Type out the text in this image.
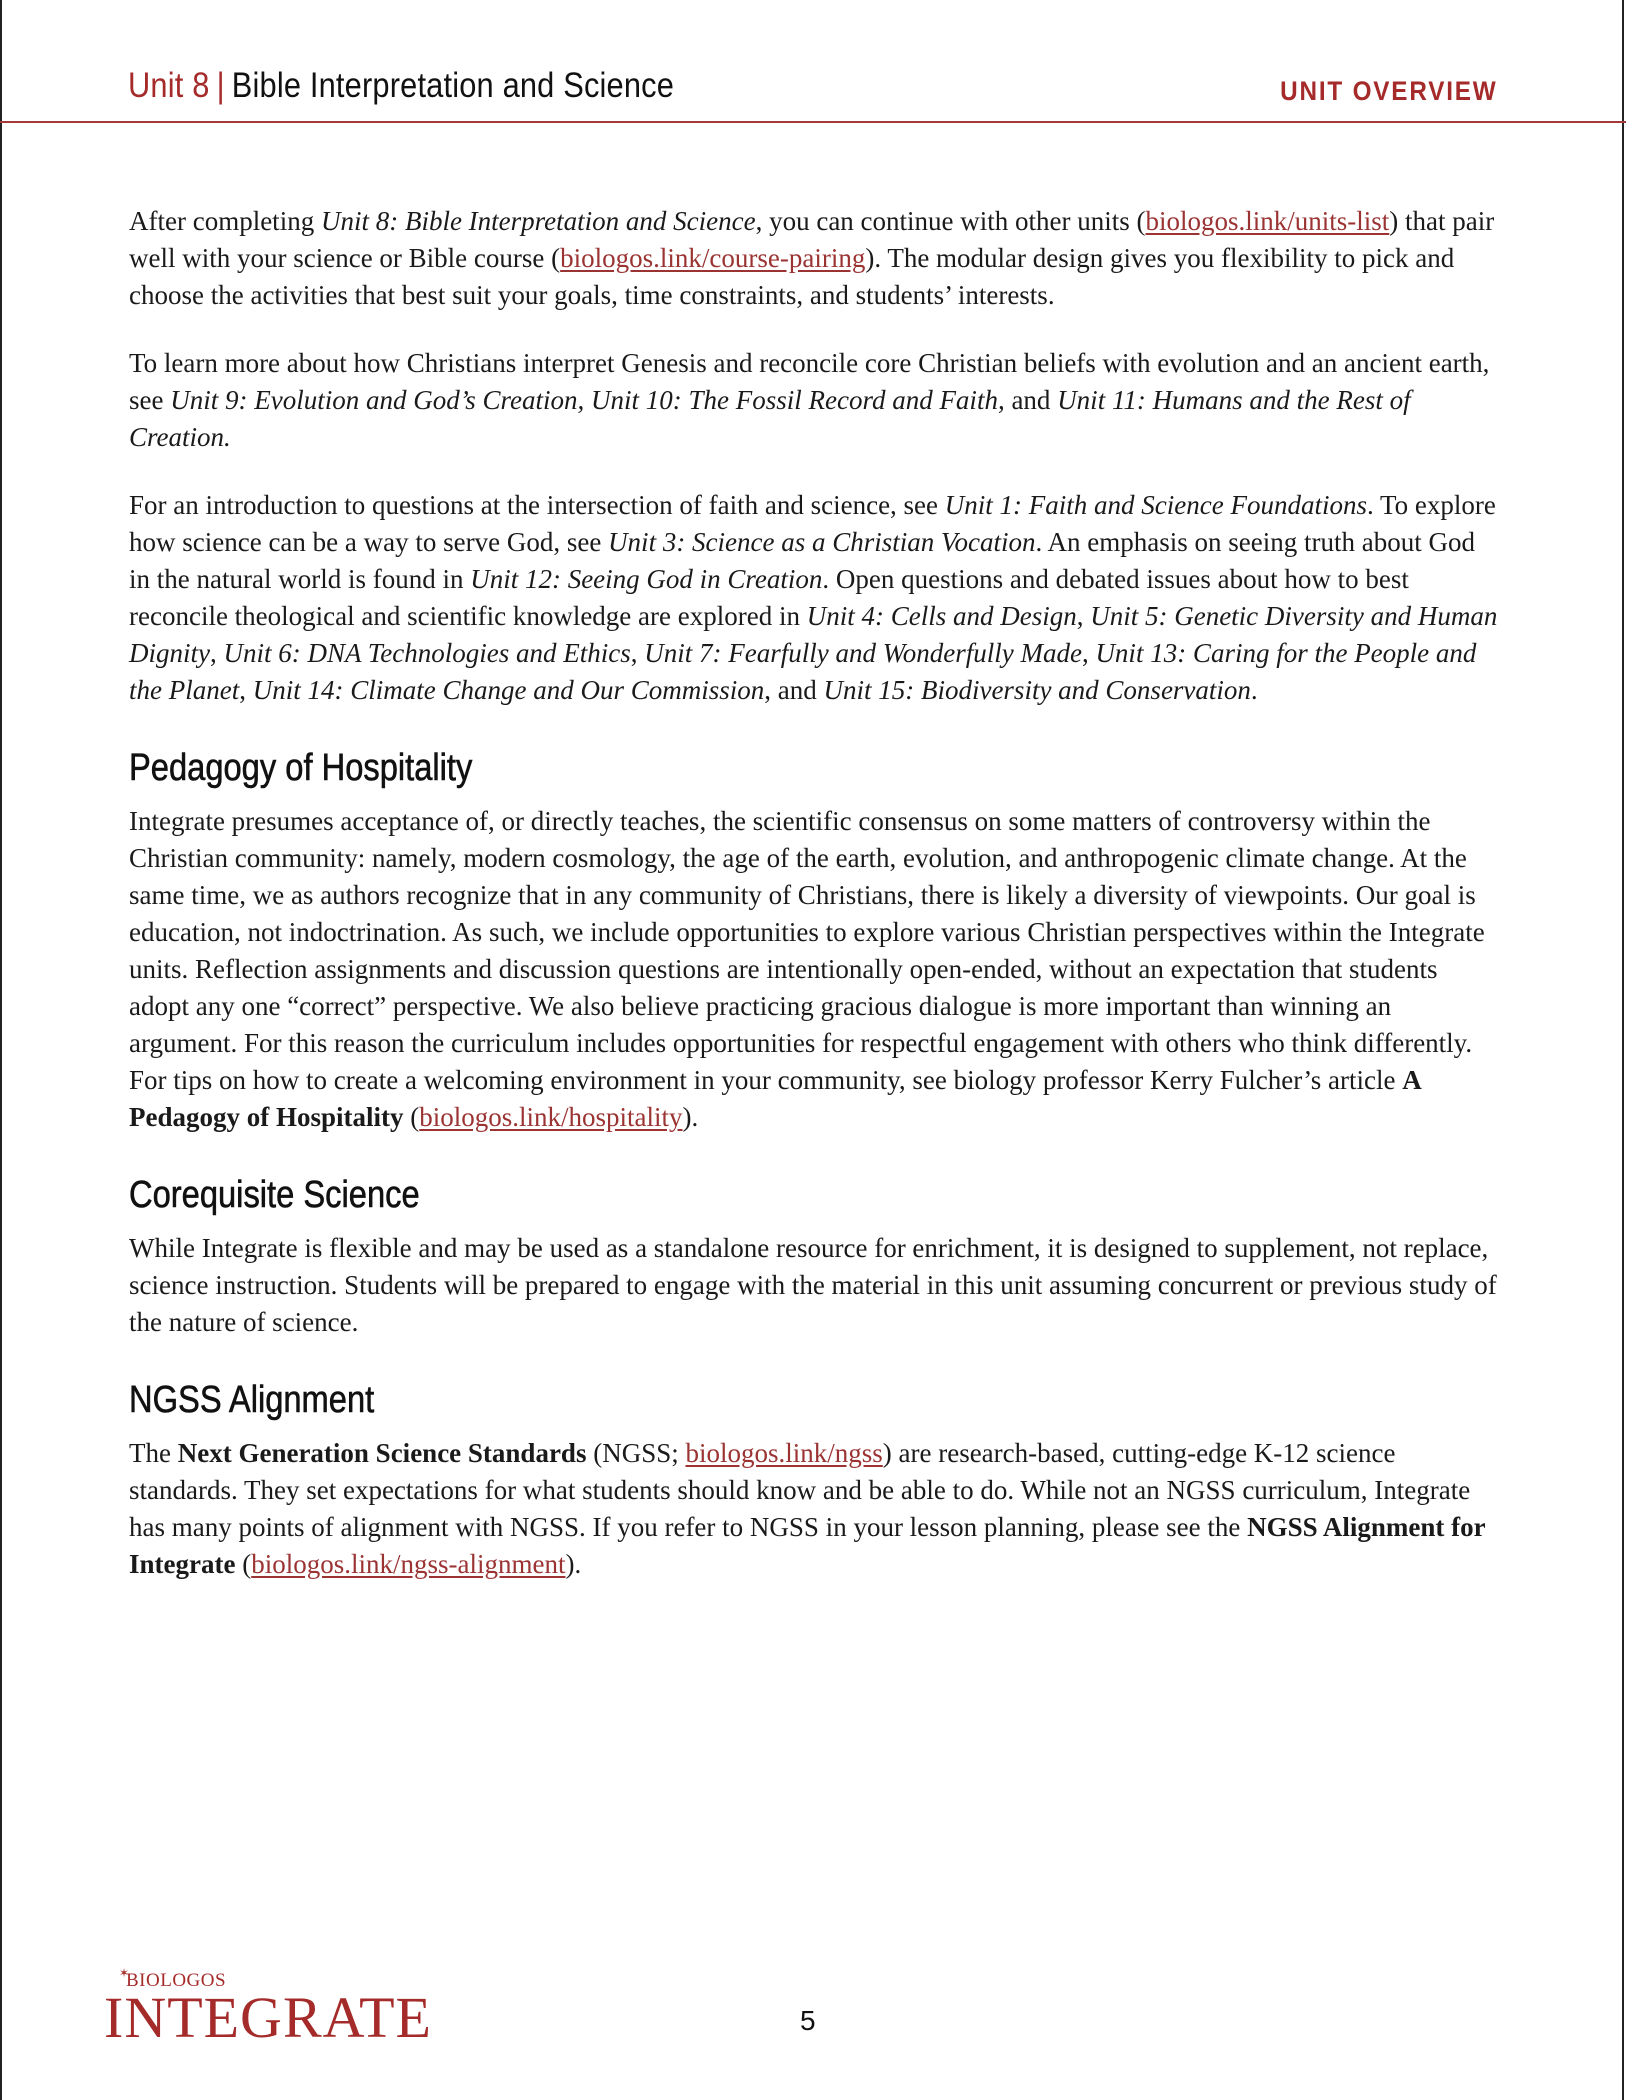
Unit 8 | Bible Interpretation and Science	UNIT OVERVIEW

After completing Unit 8: Bible Interpretation and Science, you can continue with other units (biologos.link/units-list) that pair well with your science or Bible course (biologos.link/course-pairing). The modular design gives you flexibility to pick and choose the activities that best suit your goals, time constraints, and students’ interests.

To learn more about how Christians interpret Genesis and reconcile core Christian beliefs with evolution and an ancient earth, see Unit 9: Evolution and God’s Creation, Unit 10: The Fossil Record and Faith, and Unit 11: Humans and the Rest of Creation.

For an introduction to questions at the intersection of faith and science, see Unit 1: Faith and Science Foundations. To explore how science can be a way to serve God, see Unit 3: Science as a Christian Vocation. An emphasis on seeing truth about God in the natural world is found in Unit 12: Seeing God in Creation. Open questions and debated issues about how to best reconcile theological and scientific knowledge are explored in Unit 4: Cells and Design, Unit 5: Genetic Diversity and Human Dignity, Unit 6: DNA Technologies and Ethics, Unit 7: Fearfully and Wonderfully Made, Unit 13: Caring for the People and the Planet, Unit 14: Climate Change and Our Commission, and Unit 15: Biodiversity and Conservation.

Pedagogy of Hospitality

Integrate presumes acceptance of, or directly teaches, the scientific consensus on some matters of controversy within the Christian community: namely, modern cosmology, the age of the earth, evolution, and anthropogenic climate change. At the same time, we as authors recognize that in any community of Christians, there is likely a diversity of viewpoints. Our goal is education, not indoctrination. As such, we include opportunities to explore various Christian perspectives within the Integrate units. Reflection assignments and discussion questions are intentionally open-ended, without an expectation that students adopt any one “correct” perspective. We also believe practicing gracious dialogue is more important than winning an argument. For this reason the curriculum includes opportunities for respectful engagement with others who think differently. For tips on how to create a welcoming environment in your community, see biology professor Kerry Fulcher’s article A Pedagogy of Hospitality (biologos.link/hospitality).

Corequisite Science

While Integrate is flexible and may be used as a standalone resource for enrichment, it is designed to supplement, not replace, science instruction. Students will be prepared to engage with the material in this unit assuming concurrent or previous study of the nature of science.

NGSS Alignment

The Next Generation Science Standards (NGSS; biologos.link/ngss) are research-based, cutting-edge K-12 science standards. They set expectations for what students should know and be able to do. While not an NGSS curriculum, Integrate has many points of alignment with NGSS. If you refer to NGSS in your lesson planning, please see the NGSS Alignment for Integrate (biologos.link/ngss-alignment).

✶
BIOLOGOS
INTEGRATE	5
